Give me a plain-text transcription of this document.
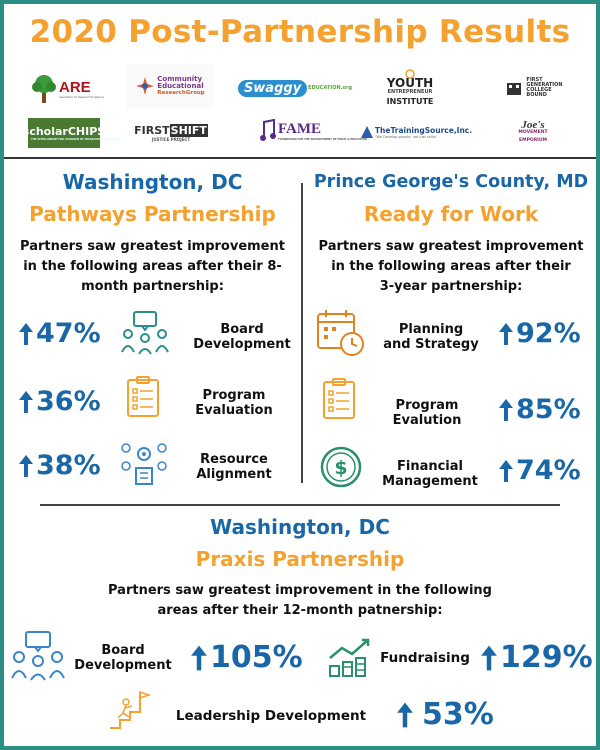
2020 Post-Partnership Results
ARE
Association for Research Excellence
Community
Educational
ResearchGroup	Swaggy	EDUCATION.org	YOUTH
ENTREPRENEUR
INSTITUTE
FIRST
GENERATION
COLLEGE
BOUND
scholarCHIPS
THE SCHOLARSHIP FOR CHILDREN OF INCARCERATED PARENTS
FIRST SHIFT
JUSTICE PROJECT
FAME
FOUNDATION FOR THE ADVANCEMENT OF MUSIC & EDUCATION
TheTrainingSource,Inc.
"We Develop people, not just skills"
Joe's
MOVEMENT
EMPORIUM
Washington, DC
Pathways Partnership
Partners saw greatest improvement
in the following areas after their 8-
month partnership:
47%	Board
Development
36%	Program
Evaluation
38%	Resource
Alignment
Prince George's County, MD
Ready for Work
Partners saw greatest improvement
in the following areas after their
3-year partnership:
Planning
and Strategy 92%
Program
Evalution	85%
$	Financial
Management	74%
Washington, DC
Praxis Partnership
Partners saw greatest improvement in the following
areas after their 12-month patnership:
Board
Development 105%	Fundraising 129%
Leadership Development	53%
